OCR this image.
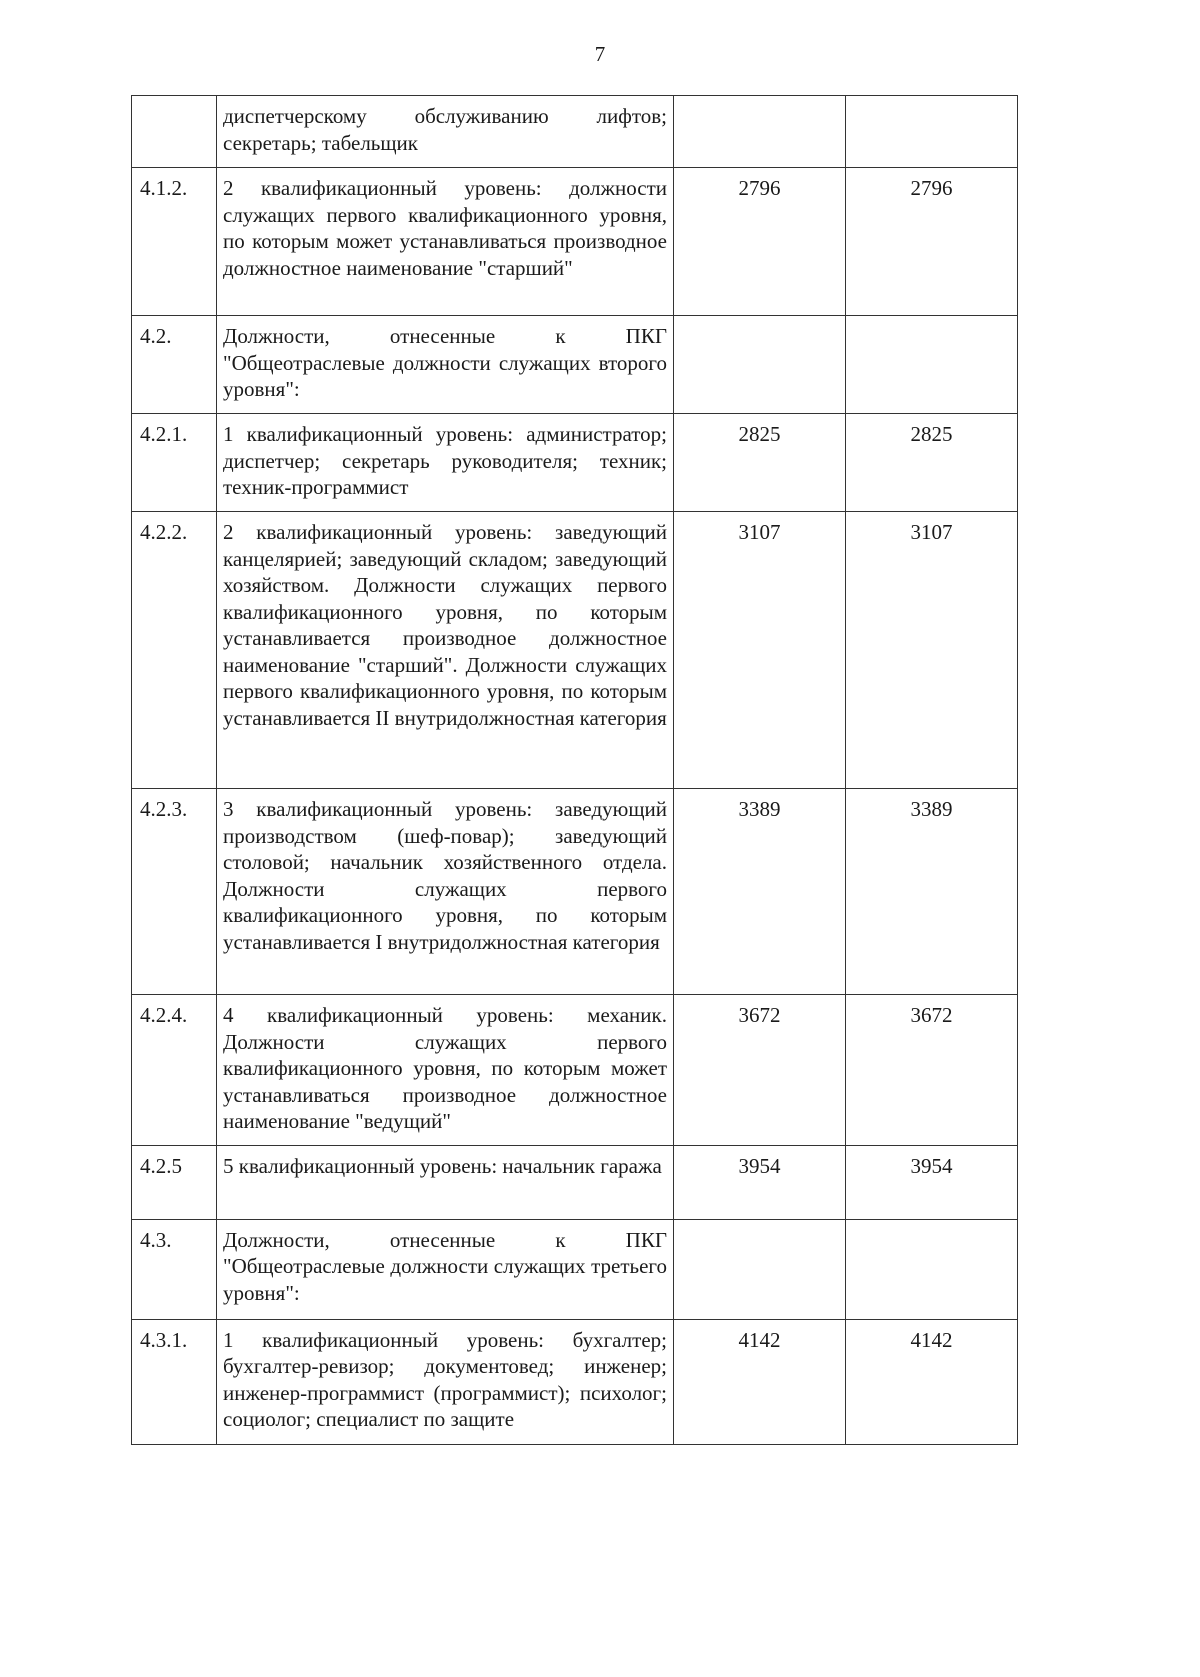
7
	диспетчерскому обслуживанию лифтов; секретарь; табельщик		
4.1.2.	2 квалификационный уровень: должности служащих первого квалификационного уровня, по которым может устанавливаться производное должностное наименование "старший"	2796	2796
4.2.	Должности, отнесенные к ПКГ "Общеотраслевые должности служащих второго уровня":		
4.2.1.	1 квалификационный уровень: администратор; диспетчер; секретарь руководителя; техник; техник-программист	2825	2825
4.2.2.	2 квалификационный уровень: заведующий канцелярией; заведующий складом; заведующий хозяйством. Должности служащих первого квалификационного уровня, по которым устанавливается производное должностное наименование "старший". Должности служащих первого квалификационного уровня, по которым устанавливается II внутридолжностная категория	3107	3107
4.2.3.	3 квалификационный уровень: заведующий производством (шеф-повар); заведующий столовой; начальник хозяйственного отдела. Должности служащих первого квалификационного уровня, по которым устанавливается I внутридолжностная категория	3389	3389
4.2.4.	4 квалификационный уровень: механик. Должности служащих первого квалификационного уровня, по которым может устанавливаться производное должностное наименование "ведущий"	3672	3672
4.2.5	5 квалификационный уровень: начальник гаража	3954	3954
4.3.	Должности, отнесенные к ПКГ "Общеотраслевые должности служащих третьего уровня":		
4.3.1.	1 квалификационный уровень: бухгалтер; бухгалтер-ревизор; документовед; инженер; инженер-программист (программист); психолог; социолог; специалист по защите	4142	4142
